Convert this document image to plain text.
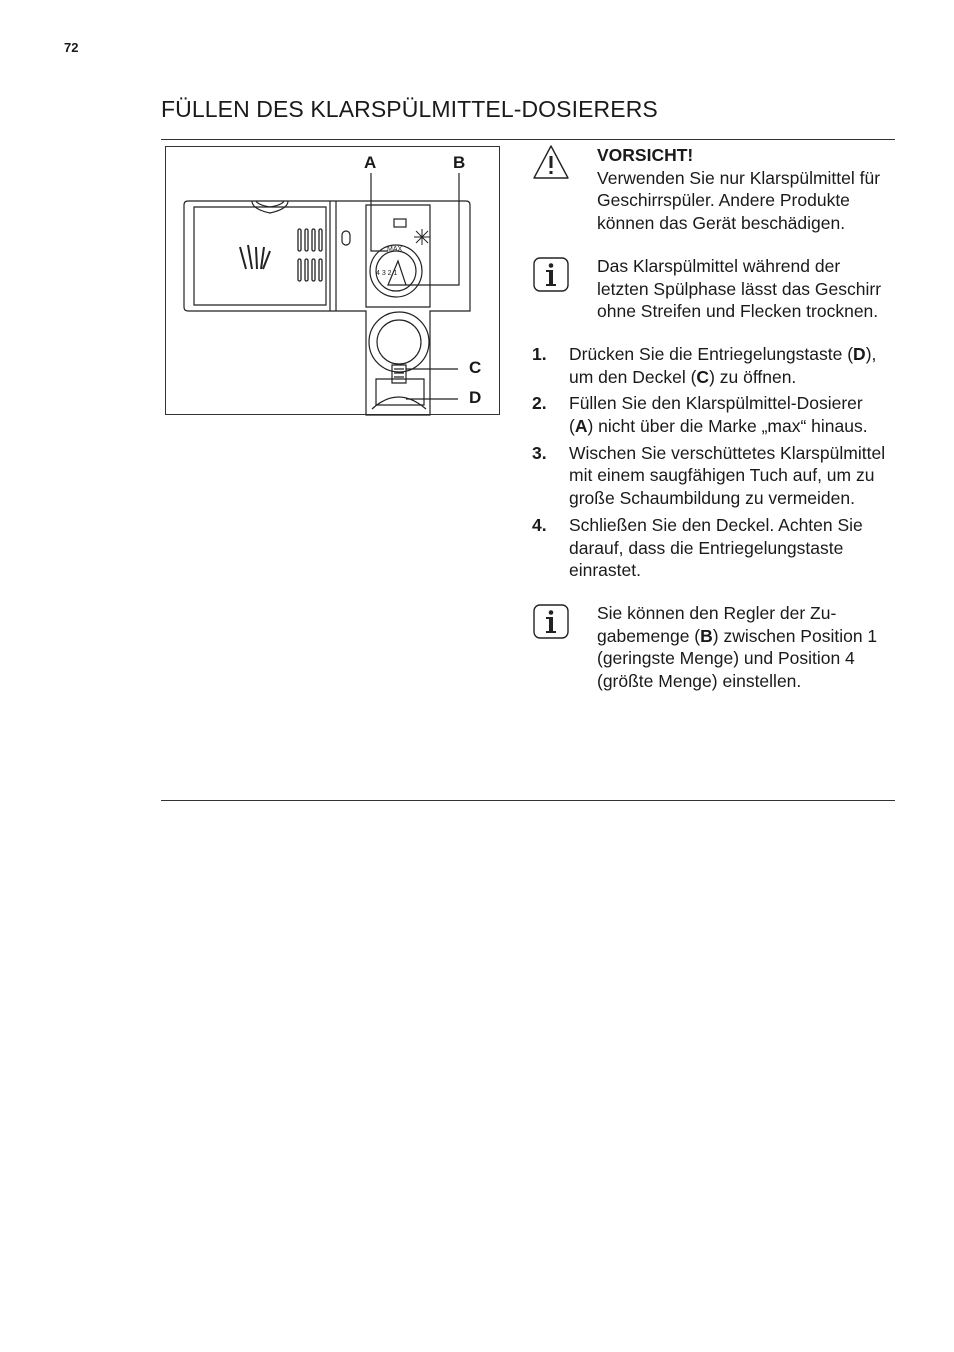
72
FÜLLEN DES KLARSPÜLMITTEL-DOSIERERS
MAX
4 3 2 1
A	B
C
D
VORSICHT!
Verwenden Sie nur Klarspülmittel für Geschirrspüler. Andere Produkte können das Gerät beschädigen.
Das Klarspülmittel während der letzten Spülphase lässt das Geschirr ohne Streifen und Flecken trocknen.
1. Drücken Sie die Entriegelungstaste (D), um den Deckel (C) zu öffnen.
2. Füllen Sie den Klarspülmittel-Dosierer (A) nicht über die Marke „max“ hinaus.
3. Wischen Sie verschüttetes Klarspülmittel mit einem saugfähigen Tuch auf, um zu große Schaumbildung zu vermeiden.
4. Schließen Sie den Deckel. Achten Sie darauf, dass die Entriegelungstaste einrastet.
Sie können den Regler der Zugabemenge (B) zwischen Position 1 (geringste Menge) und Position 4 (größte Menge) einstellen.
